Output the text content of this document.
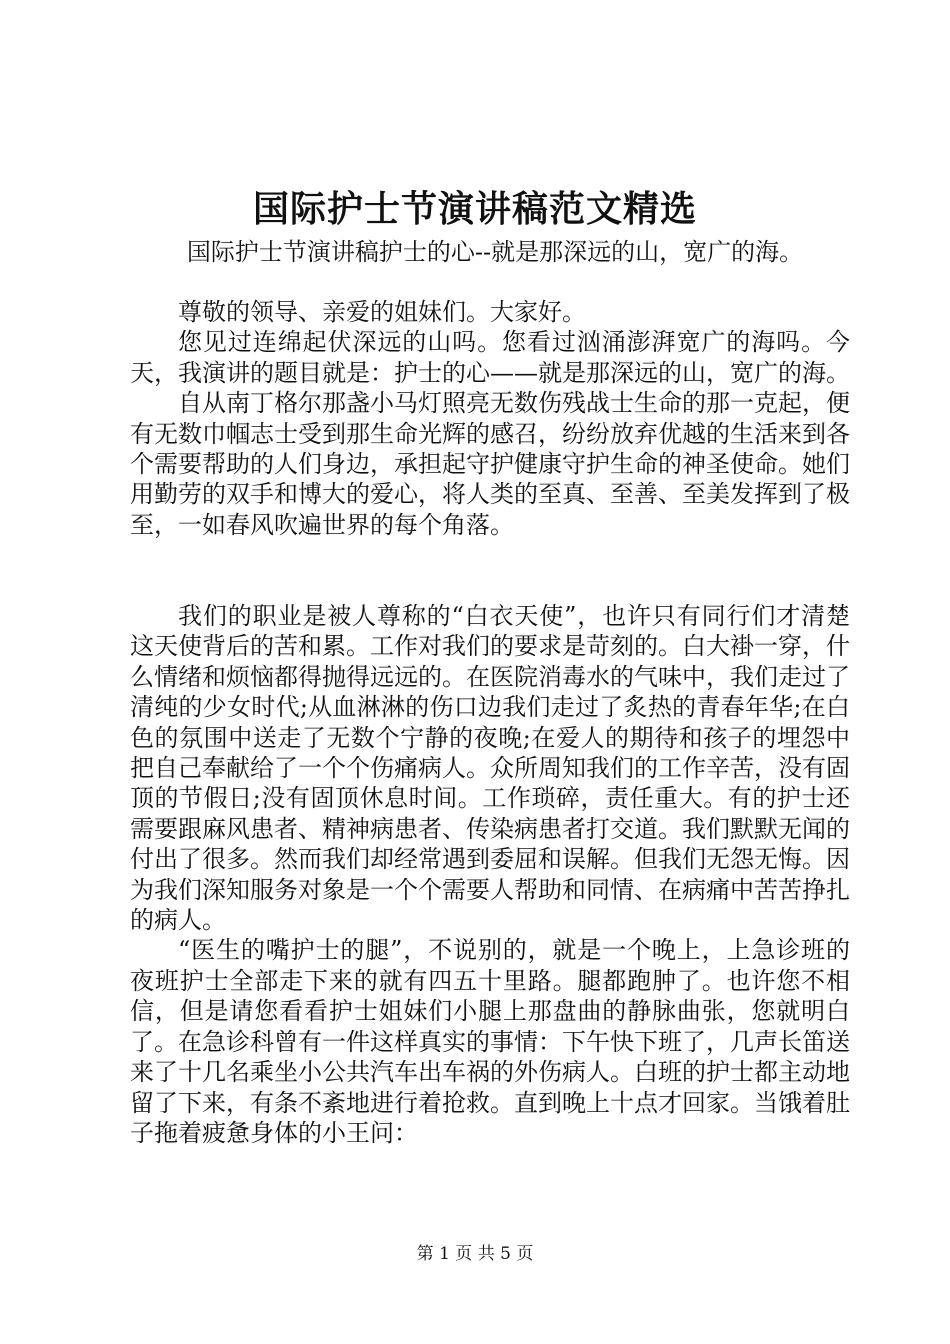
国际护士节演讲稿范文精选
国际护士节演讲稿护士的心--就是那深远的山，宽广的海。

尊敬的领导、亲爱的姐妹们。大家好。

您见过连绵起伏深远的山吗。您看过汹涌澎湃宽广的海吗。今天，我演讲的题目就是：护士的心——就是那深远的山，宽广的海。

自从南丁格尔那盏小马灯照亮无数伤残战士生命的那一克起，便有无数巾帼志士受到那生命光辉的感召，纷纷放弃优越的生活来到各个需要帮助的人们身边，承担起守护健康守护生命的神圣使命。她们用勤劳的双手和博大的爱心，将人类的至真、至善、至美发挥到了极至，一如春风吹遍世界的每个角落。

我们的职业是被人尊称的“白衣天使”，也许只有同行们才清楚这天使背后的苦和累。工作对我们的要求是苛刻的。白大褂一穿，什么情绪和烦恼都得抛得远远的。在医院消毒水的气味中，我们走过了清纯的少女时代;从血淋淋的伤口边我们走过了炙热的青春年华;在白色的氛围中送走了无数个宁静的夜晚;在爱人的期待和孩子的埋怨中把自己奉献给了一个个伤痛病人。众所周知我们的工作辛苦，没有固顶的节假日;没有固顶休息时间。工作琐碎，责任重大。有的护士还需要跟麻风患者、精神病患者、传染病患者打交道。我们默默无闻的付出了很多。然而我们却经常遇到委屈和误解。但我们无怨无悔。因为我们深知服务对象是一个个需要人帮助和同情、在病痛中苦苦挣扎的病人。

“医生的嘴护士的腿”，不说别的，就是一个晚上，上急诊班的夜班护士全部走下来的就有四五十里路。腿都跑肿了。也许您不相信，但是请您看看护士姐妹们小腿上那盘曲的静脉曲张，您就明白了。在急诊科曾有一件这样真实的事情：下午快下班了，几声长笛送来了十几名乘坐小公共汽车出车祸的外伤病人。白班的护士都主动地留了下来，有条不紊地进行着抢救。直到晚上十点才回家。当饿着肚子拖着疲惫身体的小王问：

第 1 页 共 5 页
